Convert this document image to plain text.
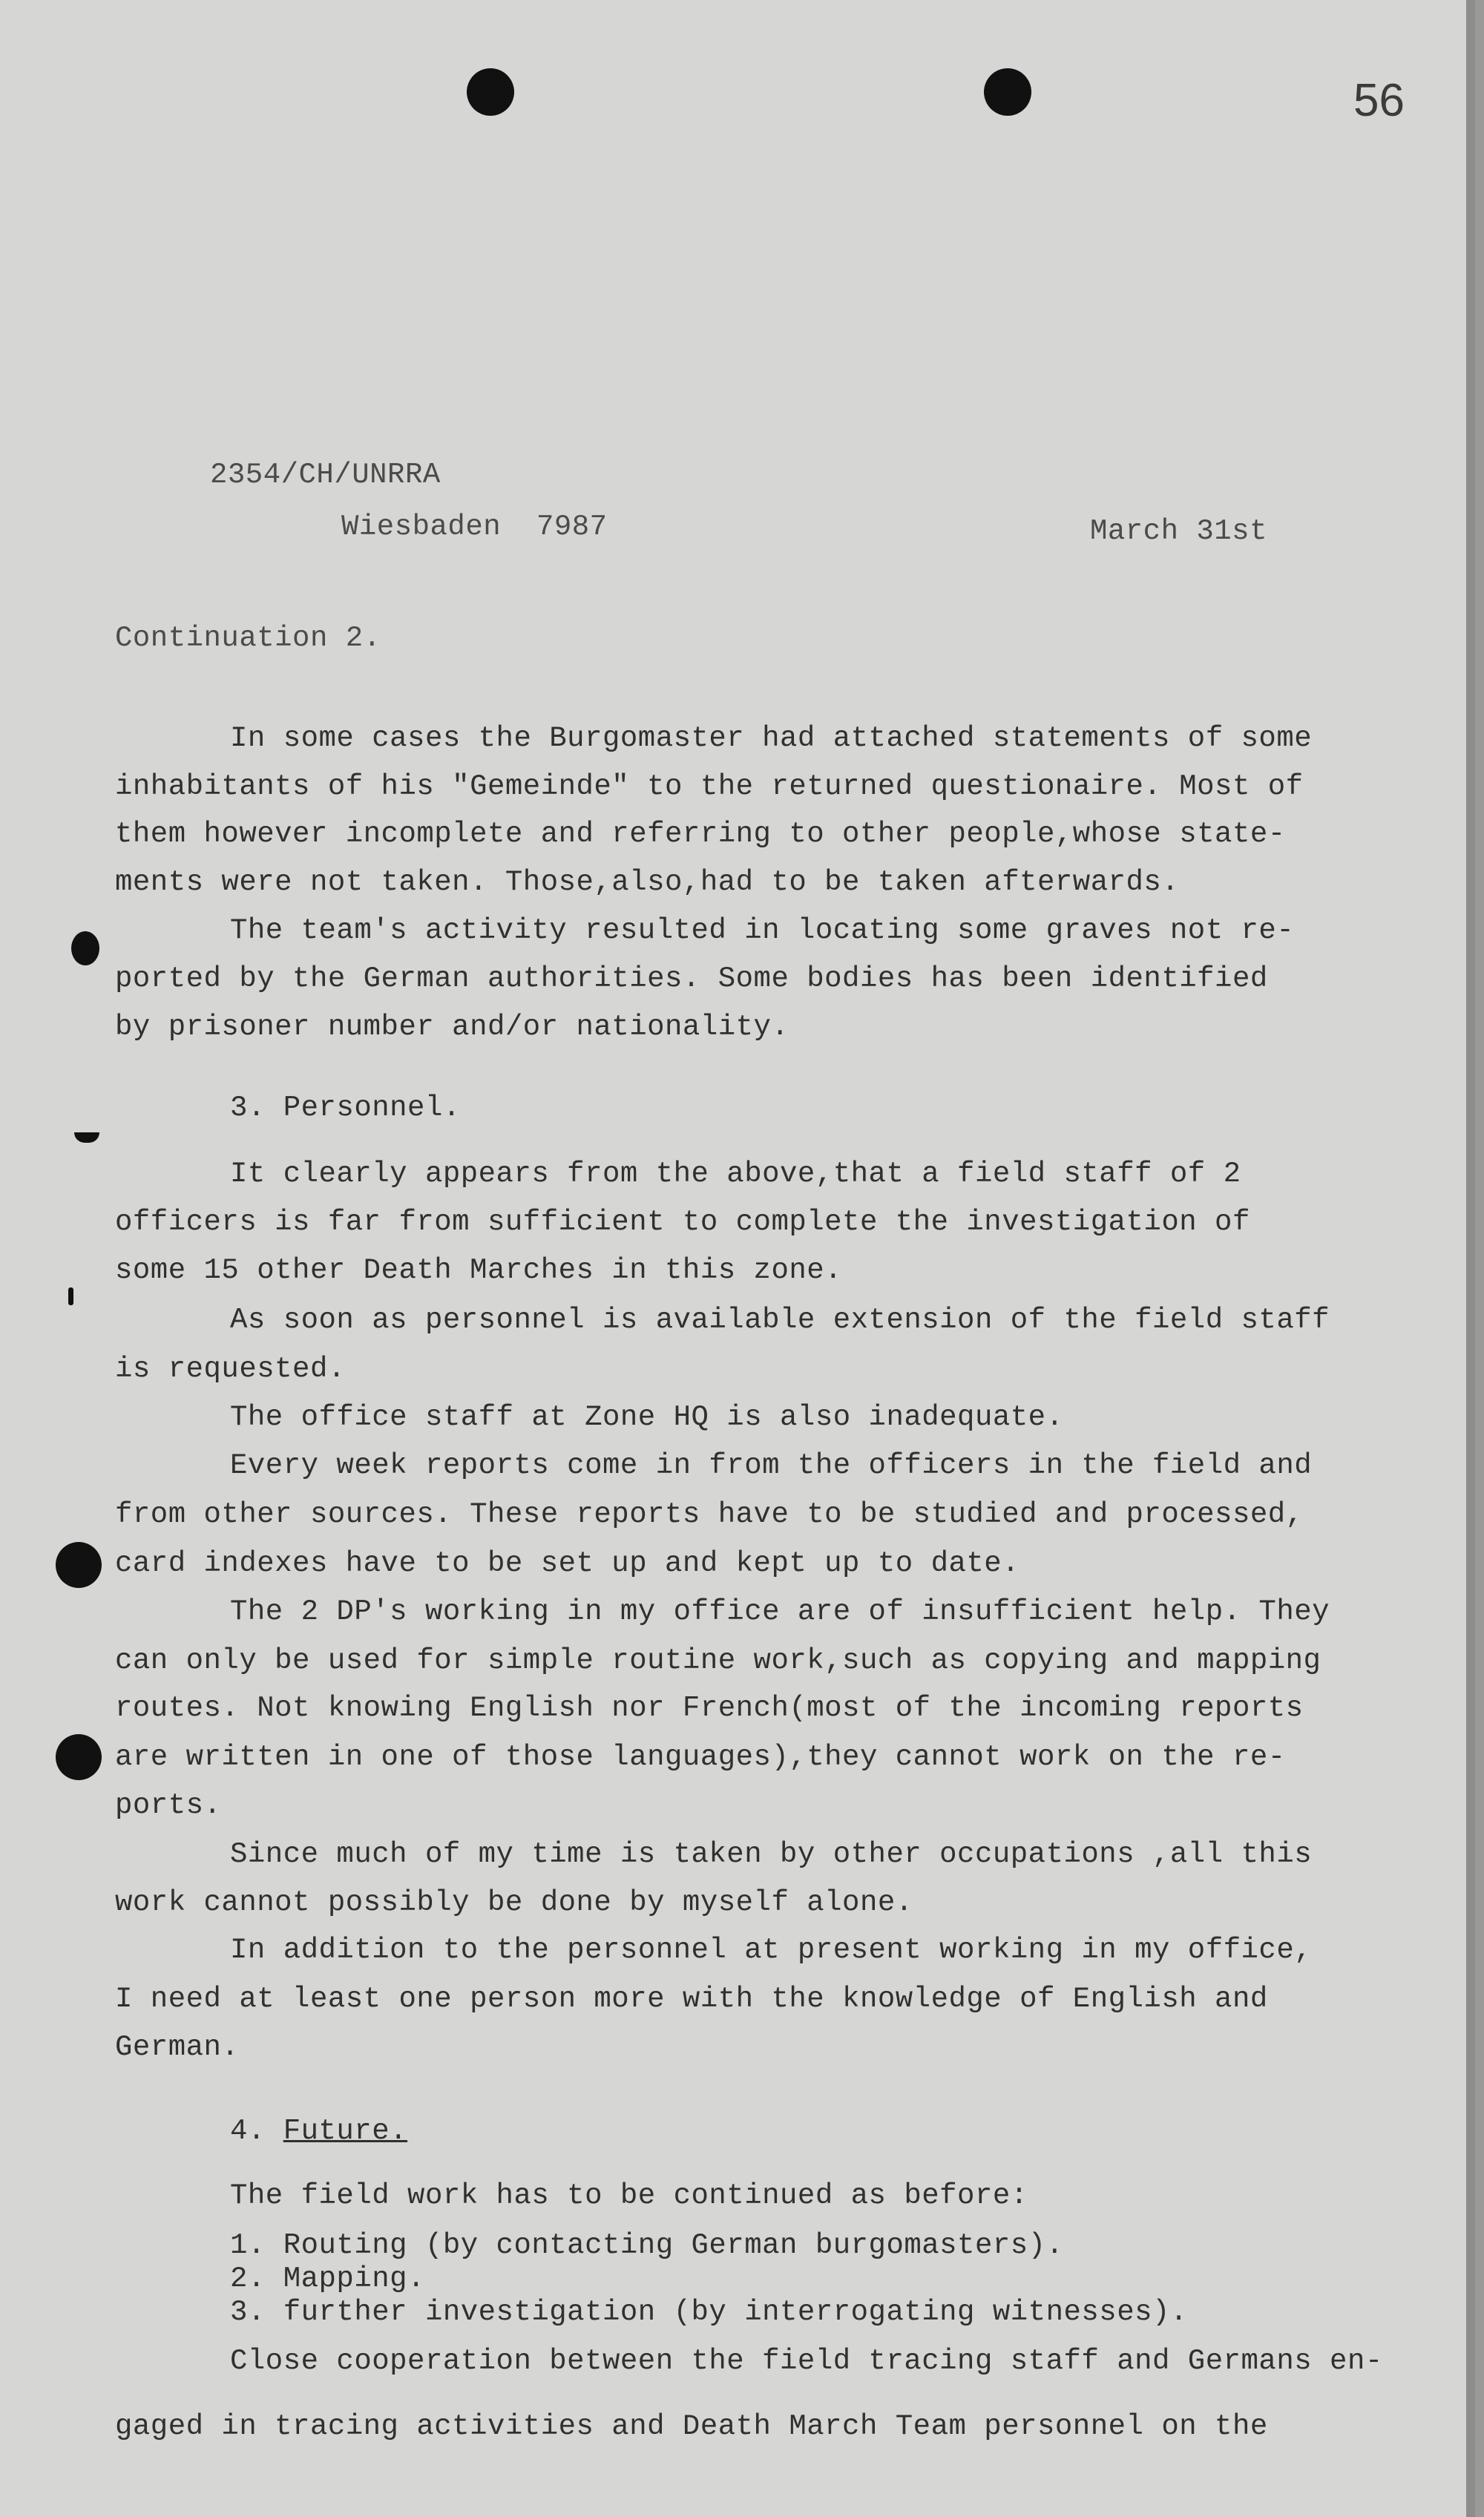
56
2354/CH/UNRRA
Wiesbaden  7987	March 31st
Continuation 2.
In some cases the Burgomaster had attached statements of some
inhabitants of his "Gemeinde" to the returned questionaire. Most of
them however incomplete and referring to other people,whose state-
ments were not taken. Those,also,had to be taken afterwards.
The team's activity resulted in locating some graves not re-
ported by the German authorities. Some bodies has been identified
by prisoner number and/or nationality.
3. Personnel.
It clearly appears from the above,that a field staff of 2
officers is far from sufficient to complete the investigation of
some 15 other Death Marches in this zone.
As soon as personnel is available extension of the field staff
is requested.
The office staff at Zone HQ is also inadequate.
Every week reports come in from the officers in the field and
from other sources. These reports have to be studied and processed,
card indexes have to be set up and kept up to date.
The 2 DP's working in my office are of insufficient help. They
can only be used for simple routine work,such as copying and mapping
routes. Not knowing English nor French(most of the incoming reports
are written in one of those languages),they cannot work on the re-
ports.
Since much of my time is taken by other occupations ,all this
work cannot possibly be done by myself alone.
In addition to the personnel at present working in my office,
I need at least one person more with the knowledge of English and
German.
4. Future.
The field work has to be continued as before:
1. Routing (by contacting German burgomasters).
2. Mapping.
3. further investigation (by interrogating witnesses).
Close cooperation between the field tracing staff and Germans en-
gaged in tracing activities and Death March Team personnel on the
